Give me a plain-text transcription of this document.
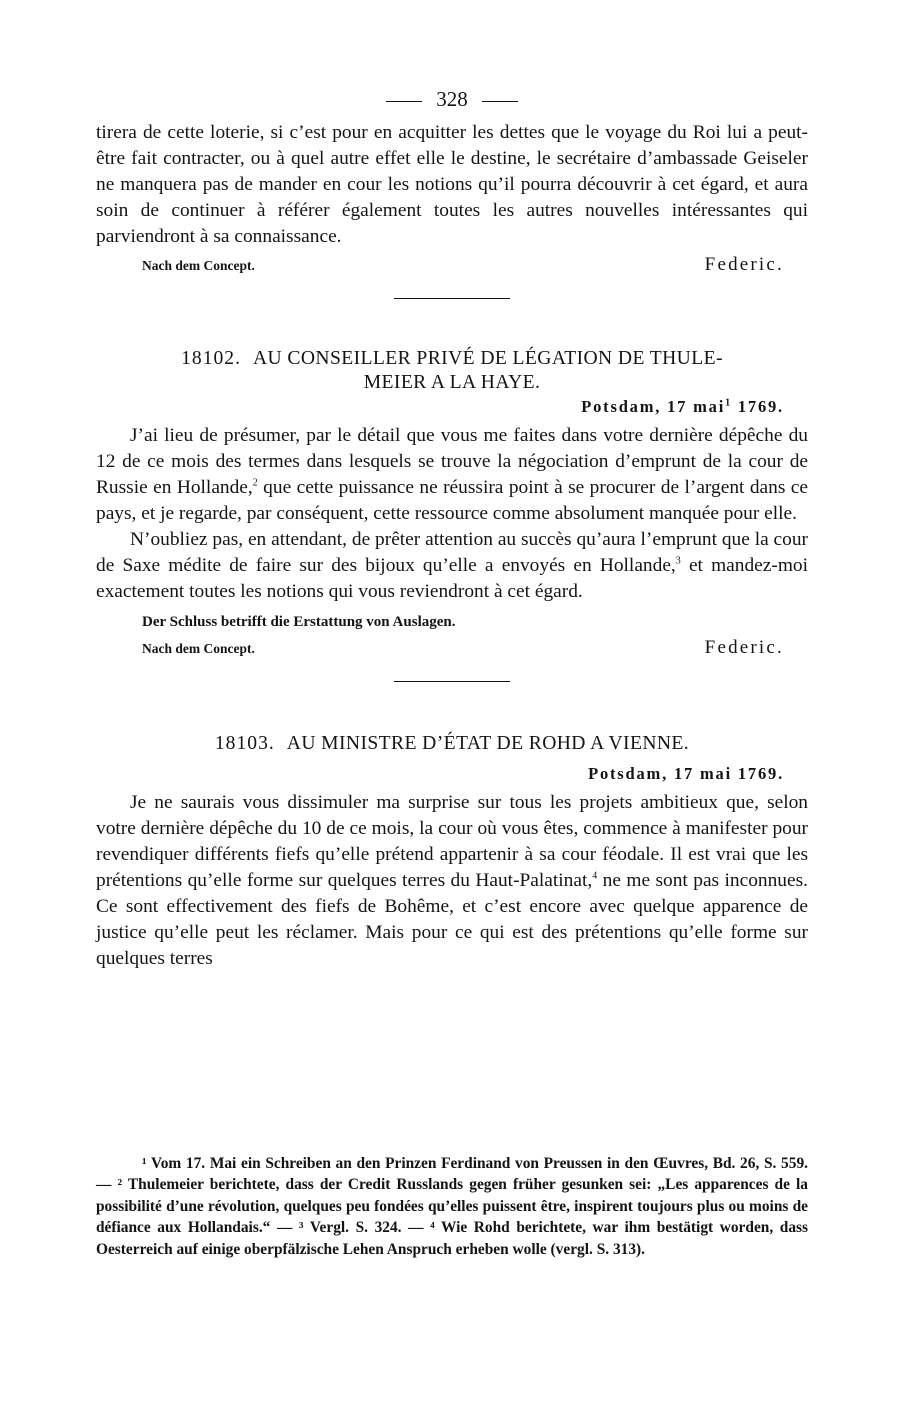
328

tirera de cette loterie, si c’est pour en acquitter les dettes que le voyage du Roi lui a peut-être fait contracter, ou à quel autre effet elle le destine, le secrétaire d’ambassade Geiseler ne manquera pas de mander en cour les notions qu’il pourra découvrir à cet égard, et aura soin de continuer à référer également toutes les autres nouvelles intéressantes qui parviendront à sa connaissance.

Nach dem Concept.	Federic.
18102. AU CONSEILLER PRIVÉ DE LÉGATION DE THULE-
MEIER A LA HAYE.
Potsdam, 17 mai$^1$ 1769.

J’ai lieu de présumer, par le détail que vous me faites dans votre dernière dépêche du 12 de ce mois des termes dans lesquels se trouve la négociation d’emprunt de la cour de Russie en Hollande,$^2$ que cette puissance ne réussira point à se procurer de l’argent dans ce pays, et je regarde, par conséquent, cette ressource comme absolument manquée pour elle.

N’oubliez pas, en attendant, de prêter attention au succès qu’aura l’emprunt que la cour de Saxe médite de faire sur des bijoux qu’elle a envoyés en Hollande,$^3$ et mandez-moi exactement toutes les notions qui vous reviendront à cet égard.

Der Schluss betrifft die Erstattung von Auslagen.
Nach dem Concept.	Federic.
18103. AU MINISTRE D’ÉTAT DE ROHD A VIENNE.
Potsdam, 17 mai 1769.

Je ne saurais vous dissimuler ma surprise sur tous les projets ambitieux que, selon votre dernière dépêche du 10 de ce mois, la cour où vous êtes, commence à manifester pour revendiquer différents fiefs qu’elle prétend appartenir à sa cour féodale. Il est vrai que les prétentions qu’elle forme sur quelques terres du Haut-Palatinat,$^4$ ne me sont pas inconnues. Ce sont effectivement des fiefs de Bohême, et c’est encore avec quelque apparence de justice qu’elle peut les réclamer. Mais pour ce qui est des prétentions qu’elle forme sur quelques terres

¹ Vom 17. Mai ein Schreiben an den Prinzen Ferdinand von Preussen in den Œuvres, Bd. 26, S. 559. — ² Thulemeier berichtete, dass der Credit Russlands gegen früher gesunken sei: „Les apparences de la possibilité d’une révolution, quelques peu fondées qu’elles puissent être, inspirent toujours plus ou moins de défiance aux Hollandais.“ — ³ Vergl. S. 324. — ⁴ Wie Rohd berichtete, war ihm bestätigt worden, dass Oesterreich auf einige oberpfälzische Lehen Anspruch erheben wolle (vergl. S. 313).
